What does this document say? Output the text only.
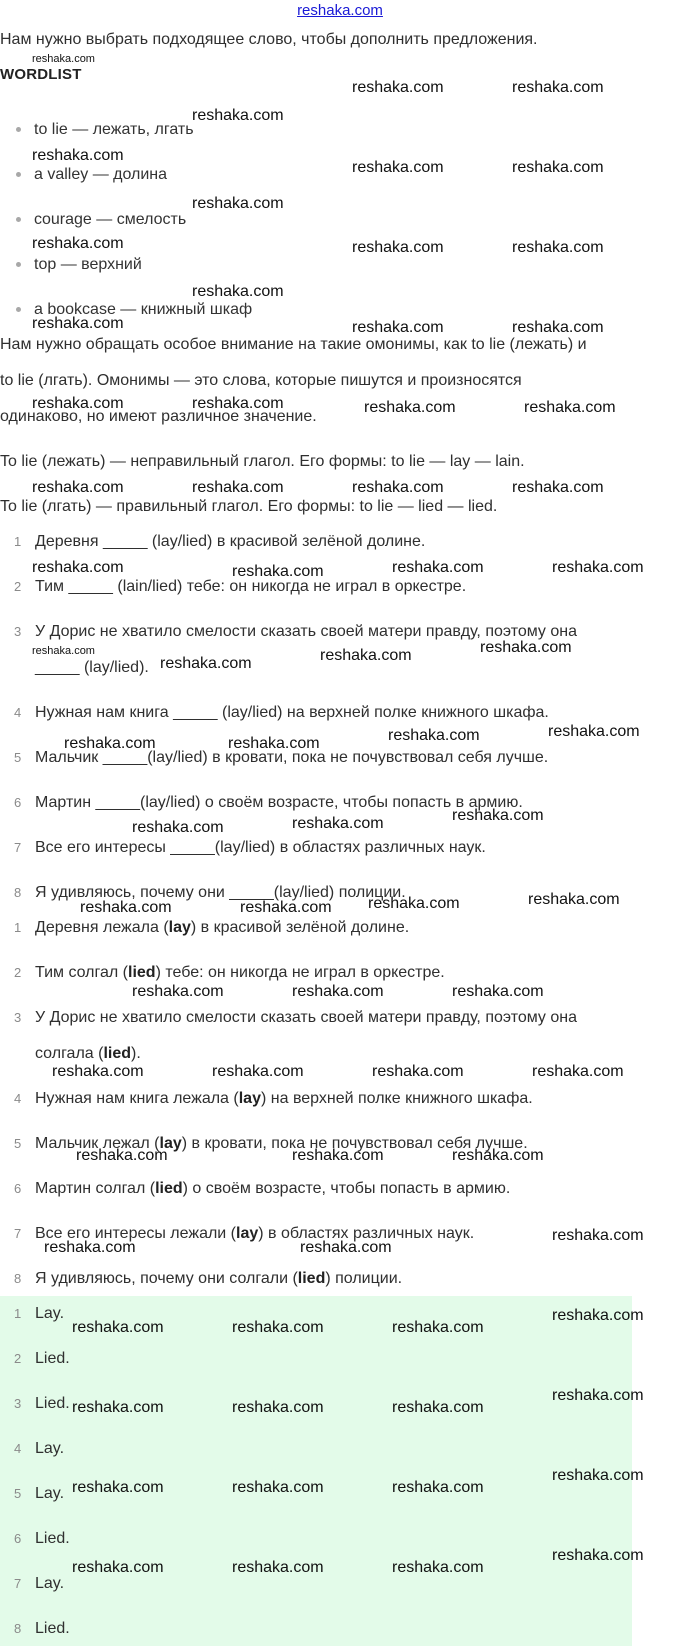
reshaka.com
Нам нужно выбрать подходящее слово, чтобы дополнить предложения.
WORDLIST
to lie — лежать, лгать
a valley — долина
courage — смелость
top — верхний
a bookcase — книжный шкаф
Нам нужно обращать особое внимание на такие омонимы, как to lie (лежать) и
to lie (лгать). Омонимы — это слова, которые пишутся и произносятся
одинаково, но имеют различное значение.
To lie (лежать) — неправильный глагол. Его формы: to lie — lay — lain.
To lie (лгать) — правильный глагол. Его формы: to lie — lied — lied.
1 Деревня _____ (lay/lied) в красивой зелёной долине.
2 Тим _____ (lain/lied) тебе: он никогда не играл в оркестре.
3 У Дорис не хватило смелости сказать своей матери правду, поэтому она
_____ (lay/lied).
4 Нужная нам книга _____ (lay/lied) на верхней полке книжного шкафа.
5 Мальчик _____(lay/lied) в кровати, пока не почувствовал себя лучше.
6 Мартин _____(lay/lied) о своём возрасте, чтобы попасть в армию.
7 Все его интересы _____(lay/lied) в областях различных наук.
8 Я удивляюсь, почему они _____(lay/lied) полиции.
1 Деревня лежала (lay) в красивой зелёной долине.
2 Тим солгал (lied) тебе: он никогда не играл в оркестре.
3 У Дорис не хватило смелости сказать своей матери правду, поэтому она
солгала (lied).
4 Нужная нам книга лежала (lay) на верхней полке книжного шкафа.
5 Мальчик лежал (lay) в кровати, пока не почувствовал себя лучше.
6 Мартин солгал (lied) о своём возрасте, чтобы попасть в армию.
7 Все его интересы лежали (lay) в областях различных наук.
8 Я удивляюсь, почему они солгали (lied) полиции.
1 Lay.
2 Lied.
3 Lied.
4 Lay.
5 Lay.
6 Lied.
7 Lay.
8 Lied.
reshaka.com
reshaka.com	reshaka.com
reshaka.com
reshaka.com
reshaka.com	reshaka.com
reshaka.com
reshaka.com	reshaka.com	reshaka.com
reshaka.com
reshaka.com	reshaka.com	reshaka.com
reshaka.com	reshaka.com	reshaka.com	reshaka.com
reshaka.com	reshaka.com	reshaka.com	reshaka.com
reshaka.com	reshaka.com	reshaka.com	reshaka.com
reshaka.com
reshaka.com	reshaka.com	reshaka.com
reshaka.com	reshaka.com	reshaka.com	reshaka.com
reshaka.com	reshaka.com	reshaka.com
reshaka.com	reshaka.com reshaka.com	reshaka.com
reshaka.com	reshaka.com	reshaka.com
reshaka.com	reshaka.com	reshaka.com	reshaka.com
reshaka.com	reshaka.com	reshaka.com
reshaka.com	reshaka.com
reshaka.com
reshaka.com	reshaka.com	reshaka.com
reshaka.com
reshaka.com	reshaka.com	reshaka.com
reshaka.com
reshaka.com	reshaka.com	reshaka.com
reshaka.com
reshaka.com	reshaka.com	reshaka.com
reshaka.com
